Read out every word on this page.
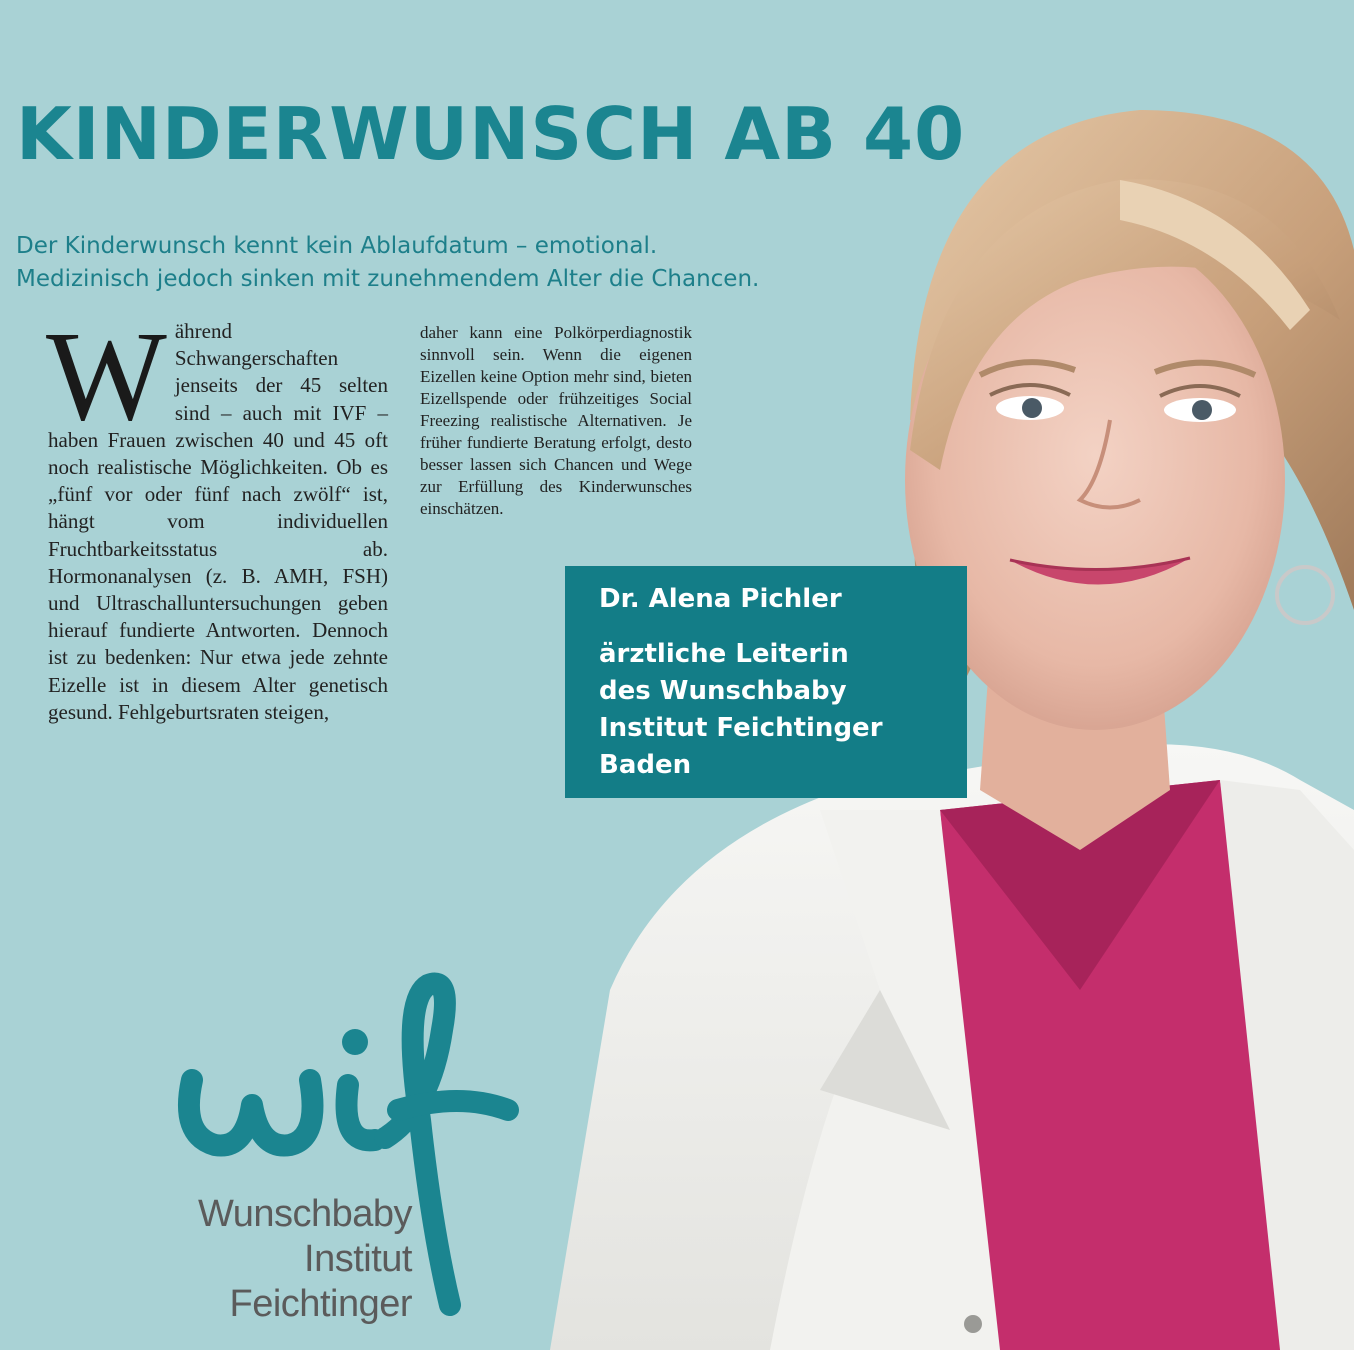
KINDERWUNSCH AB 40

Der Kinderwunsch kennt kein Ablaufdatum – emotional.
Medizinisch jedoch sinken mit zunehmendem Alter die Chancen.

Während Schwangerschaften jenseits der 45 selten sind – auch mit IVF – haben Frauen zwischen 40 und 45 oft noch realistische Möglichkeiten. Ob es „fünf vor oder fünf nach zwölf“ ist, hängt vom individuellen Fruchtbarkeitsstatus ab. Hormonanalysen (z. B. AMH, FSH) und Ultraschalluntersuchungen geben hierauf fundierte Antworten. Dennoch ist zu bedenken: Nur etwa jede zehnte Eizelle ist in diesem Alter genetisch gesund. Fehlgeburtsraten steigen,
daher kann eine Polkörperdiagnostik sinnvoll sein. Wenn die eigenen Eizellen keine Option mehr sind, bieten Eizellspende oder frühzeitiges Social Freezing realistische Alternativen. Je früher fundierte Beratung erfolgt, desto besser lassen sich Chancen und Wege zur Erfüllung des Kinderwunsches einschätzen.

Dr. Alena Pichler

ärztliche Leiterin
des Wunschbaby
Institut Feichtinger
Baden

Wunschbaby
Institut
Feichtinger
